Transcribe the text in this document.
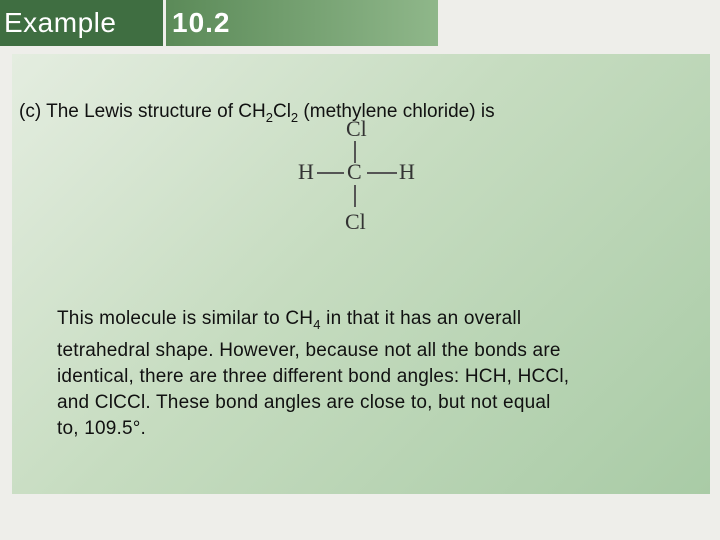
Example	10.2
(c) The Lewis structure of $CH_2Cl_2$ (methylene chloride) is
Cl
H C H
Cl
This molecule is similar to $CH_4$ in that it has an overall
tetrahedral shape. However, because not all the bonds are
identical, there are three different bond angles: HCH, HCCl,
and ClCCl. These bond angles are close to, but not equal
to, 109.5°.
